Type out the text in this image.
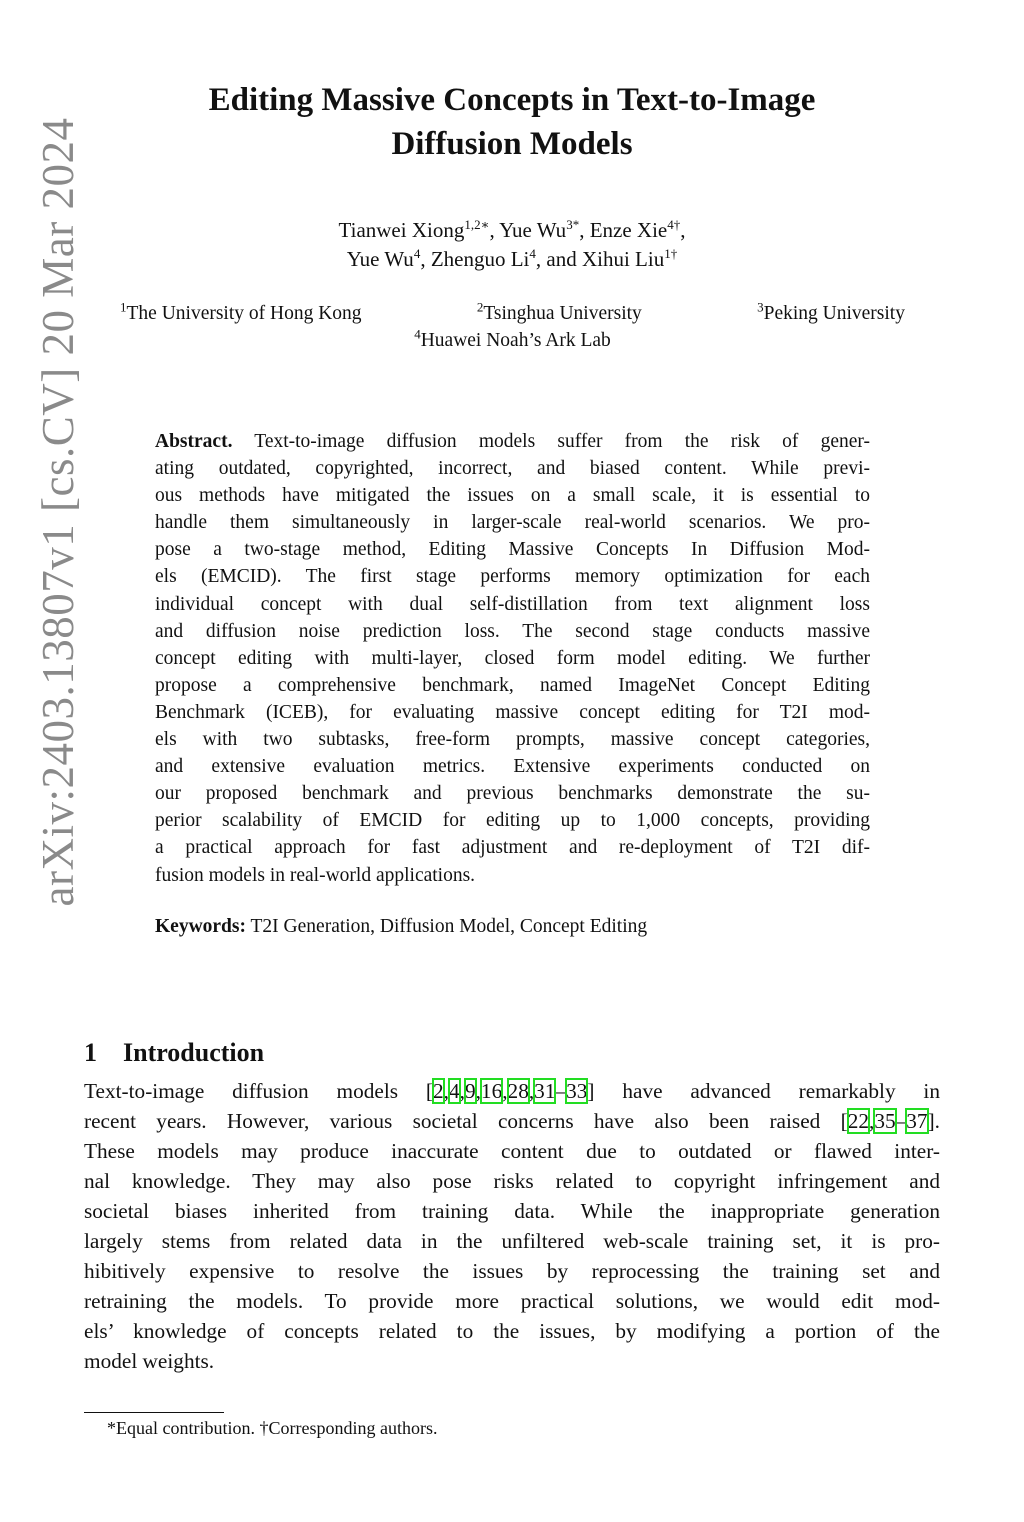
arXiv:2403.13807v1 [cs.CV] 20 Mar 2024
Editing Massive Concepts in Text-to-Image
Diffusion Models
Tianwei Xiong$^{1,2∗}$, Yue $Wu^{3*}$, Enze Xie$^{4\dagger}$,
Yue Wu$^4$, Zhenguo Li$^4$, and Xihui Liu$^{1\dagger}$
$^1$The University of Hong Kong	$^2$Tsinghua University	$^3$Peking University
$^4$Huawei Noah’s Ark Lab
Abstract. Text-to-image diffusion models suffer from the risk of gener-
ating outdated, copyrighted, incorrect, and biased content. While previ-
ous methods have mitigated the issues on a small scale, it is essential to
handle them simultaneously in larger-scale real-world scenarios. We pro-
pose a two-stage method, Editing Massive Concepts In Diffusion Mod-
els (EMCID). The first stage performs memory optimization for each
individual concept with dual self-distillation from text alignment loss
and diffusion noise prediction loss. The second stage conducts massive
concept editing with multi-layer, closed form model editing. We further
propose a comprehensive benchmark, named ImageNet Concept Editing
Benchmark (ICEB), for evaluating massive concept editing for T2I mod-
els with two subtasks, free-form prompts, massive concept categories,
and extensive evaluation metrics. Extensive experiments conducted on
our proposed benchmark and previous benchmarks demonstrate the su-
perior scalability of EMCID for editing up to 1,000 concepts, providing
a practical approach for fast adjustment and re-deployment of T2I dif-
fusion models in real-world applications.
Keywords: T2I Generation, Diffusion Model, Concept Editing
1 Introduction
Text-to-image diffusion models [2,4,9,16,28,31–33] have advanced remarkably in
recent years. However, various societal concerns have also been raised [22,35–37].
These models may produce inaccurate content due to outdated or flawed inter-
nal knowledge. They may also pose risks related to copyright infringement and
societal biases inherited from training data. While the inappropriate generation
largely stems from related data in the unfiltered web-scale training set, it is pro-
hibitively expensive to resolve the issues by reprocessing the training set and
retraining the models. To provide more practical solutions, we would edit mod-
els’ knowledge of concepts related to the issues, by modifying a portion of the
model weights.
*Equal contribution. †Corresponding authors.
